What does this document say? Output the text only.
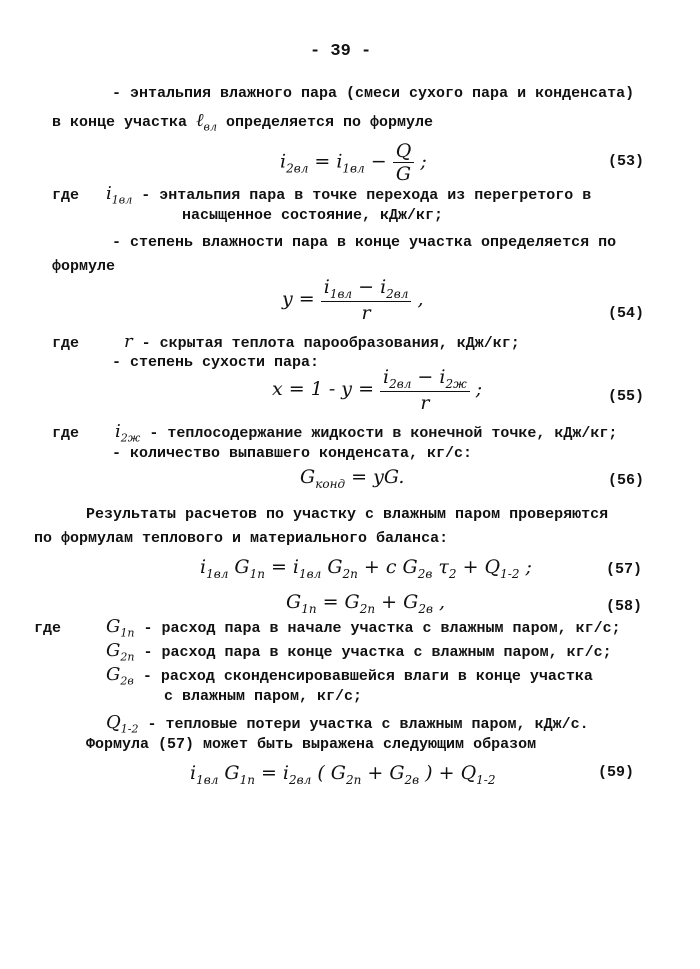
- 39 -
- энтальпия влажного пара (смеси сухого пара и конденсата)
в конце участка ℓ$_{вл}$ определяется по формуле
$i_{2вл} = i_{1вл} - \frac{Q}{G}$ ;	(53)
где $i_{1вл}$ - энтальпия пара в точке перехода из перегретого в
насыщенное состояние, кДж/кг;
- степень влажности пара в конце участка определяется по
формуле
$y = \frac{i_{1вл} - i_{2вл}}{r}$ ,
(54)
где	r - скрытая теплота парообразования, кДж/кг;
- степень сухости пара:
$x = 1 - y = \frac{i_{2вл} - i_{2ж}}{r}$ ;	(55)
где $i_{2ж}$ - теплосодержание жидкости в конечной точке, кДж/кг;
- количество выпавшего конденсата, кг/с:
$G_{конд}$ = yG.	(56)
Результаты расчетов по участку с влажным паром проверяются
по формулам теплового и материального баланса:
$i_{1вл}$ $G_{1п} = i_{1вл}$ $G_{2п} + c$ $G_{2в}$ $\tau_2 + Q_{1-2}$ ;	(57)
$G_{1п} = G_{2п} + G_{2в}$ ,	(58)
где $G_{1п}$ - расход пара в начале участка с влажным паром, кг/с;
$G_{2п}$ - расход пара в конце участка с влажным паром, кг/с;
$G_{2в}$ - расход сконденсировавшейся влаги в конце участка
с влажным паром, кг/с;
$Q_{1-2}$ - тепловые потери участка с влажным паром, кДж/с.
Формула (57) может быть выражена следующим образом
$i_{1вл}$ $G_{1п} = i_{2вл}$ ( $G_{2п} + G_{2в}$ ) + $Q_{1-2}$	(59)
